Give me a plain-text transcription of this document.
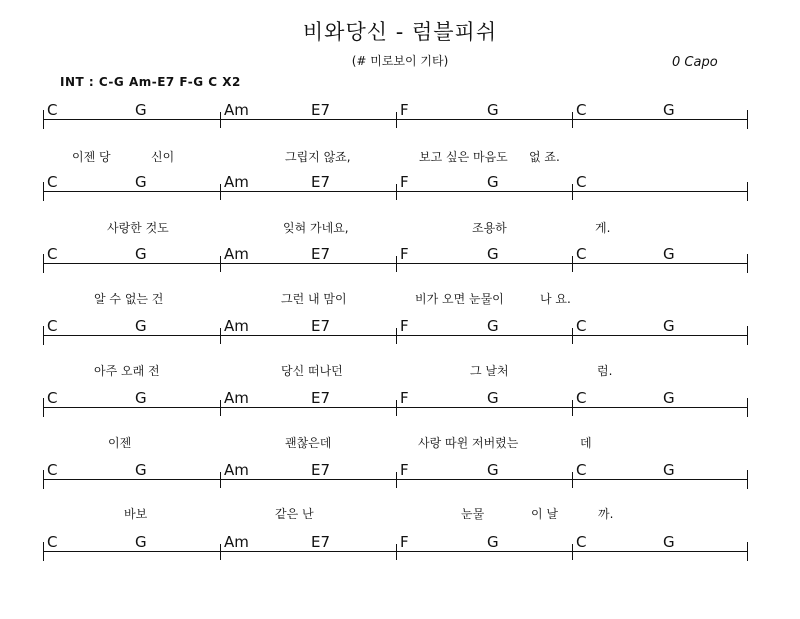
비와당신 - 럼블피쉬
(# 미로보이 기타)	0 Capo
INT : C-G Am-E7 F-G C X2
C	G	Am	E7	F	G	C	G
이젠 당	신이	그립지 않죠,	보고 싶은 마음도 없 죠.
C	G	Am	E7	F	G	C
사랑한 것도	잊혀 가네요,	조용하	게.
C	G	Am	E7	F	G	C	G
알 수 없는 건	그런 내 맘이	비가 오면 눈물이	나 요.
C	G	Am	E7	F	G	C	G
아주 오래 전	당신 떠나던	그 날처	럼.
C	G	Am	E7	F	G	C	G
이젠	괜찮은데	사랑 따윈 저버렸는	데
C	G	Am	E7	F	G	C	G
바보	같은 난	눈물	이 날	까.
C	G	Am	E7	F	G	C	G
